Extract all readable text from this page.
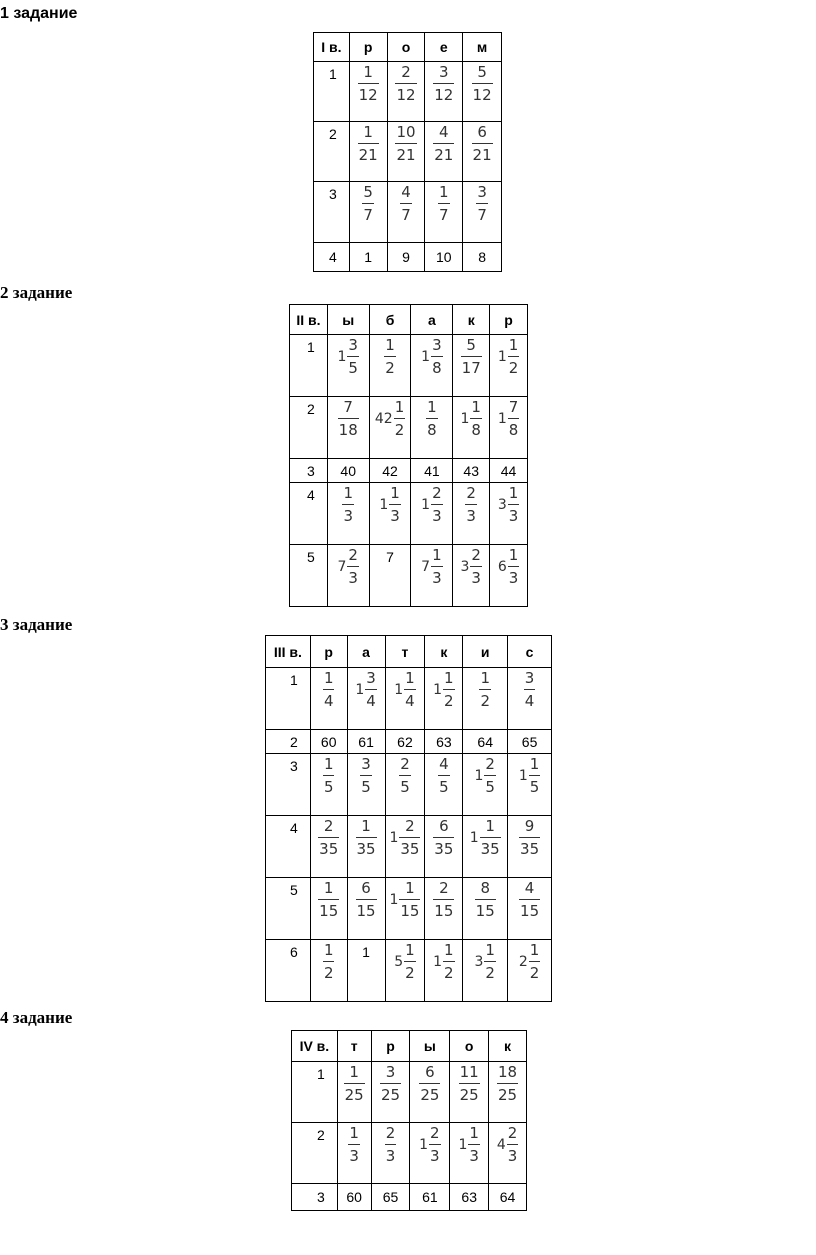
1 задание
I в.	р	о	е	м
1	$\frac{1}{12}$	$\frac{2}{12}$	$\frac{3}{12}$	$\frac{5}{12}$

2	$\frac{1}{21}$	$\frac{10}{21}$	$\frac{4}{21}$	$\frac{6}{21}$

3	$\frac{5}{7}$	$\frac{4}{7}$	$\frac{1}{7}$	$\frac{3}{7}$

4	1	9	10	8
2 задание
II в.	ы	б	а	к	р
1	$1 \frac{3}{5}$	$\frac{1}{2}$	$1 \frac{3}{8}$	$\frac{5}{17}$	$1 \frac{1}{2}$

2	$\frac{7}{18}$	$42 \frac{1}{2}$	$\frac{1}{8}$	$1 \frac{1}{8}$	$1 \frac{7}{8}$

3	40	42	41	43	44
4	$\frac{1}{3}$	$1 \frac{1}{3}$	$1 \frac{2}{3}$	$\frac{2}{3}$	$3 \frac{1}{3}$

5	$7 \frac{2}{3}$	7	$7 \frac{1}{3}$	$3 \frac{2}{3}$	$6 \frac{1}{3}$
3 задание
III в.	р	а	т	к	и	с
1	$\frac{1}{4}$	$1 \frac{3}{4}$	$1 \frac{1}{4}$	$1 \frac{1}{2}$	$\frac{1}{2}$	$\frac{3}{4}$

2	60	61	62	63	64	65
3	$\frac{1}{5}$	$\frac{3}{5}$	$\frac{2}{5}$	$\frac{4}{5}$	$1 \frac{2}{5}$	$1 \frac{1}{5}$

4	$\frac{2}{35}$	$\frac{1}{35}$	$1 \frac{2}{35}$	$\frac{6}{35}$	$1 \frac{1}{35}$	$\frac{9}{35}$

5	$\frac{1}{15}$	$\frac{6}{15}$	$1 \frac{1}{15}$	$\frac{2}{15}$	$\frac{8}{15}$	$\frac{4}{15}$

6	$\frac{1}{2}$	1	$5 \frac{1}{2}$	$1 \frac{1}{2}$	$3 \frac{1}{2}$	$2 \frac{1}{2}$
4 задание
IV в.	т	р	ы	о	к
1	$\frac{1}{25}$	$\frac{3}{25}$	$\frac{6}{25}$	$\frac{11}{25}$	$\frac{18}{25}$

2	$\frac{1}{3}$	$\frac{2}{3}$	$1 \frac{2}{3}$	$1 \frac{1}{3}$	$4 \frac{2}{3}$

3	60	65	61	63	64
